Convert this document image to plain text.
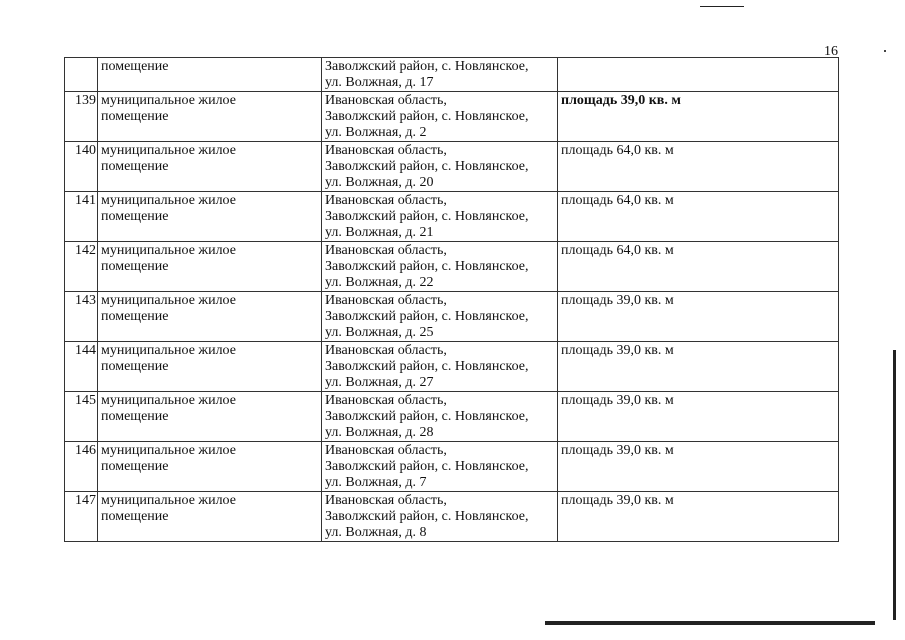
16

	помещение	Заволжский район, с. Новлянское,
ул. Волжная, д. 17	

139	муниципальное жилое
помещение	Ивановская область,
Заволжский район, с. Новлянское,
ул. Волжная, д. 2	площадь 39,0 кв. м
140	муниципальное жилое
помещение	Ивановская область,
Заволжский район, с. Новлянское,
ул. Волжная, д. 20	площадь 64,0 кв. м
141	муниципальное жилое
помещение	Ивановская область,
Заволжский район, с. Новлянское,
ул. Волжная, д. 21	площадь 64,0 кв. м
142	муниципальное жилое
помещение	Ивановская область,
Заволжский район, с. Новлянское,
ул. Волжная, д. 22	площадь 64,0 кв. м
143	муниципальное жилое
помещение	Ивановская область,
Заволжский район, с. Новлянское,
ул. Волжная, д. 25	площадь 39,0 кв. м
144	муниципальное жилое
помещение	Ивановская область,
Заволжский район, с. Новлянское,
ул. Волжная, д. 27	площадь 39,0 кв. м
145	муниципальное жилое
помещение	Ивановская область,
Заволжский район, с. Новлянское,
ул. Волжная, д. 28	площадь 39,0 кв. м
146	муниципальное жилое
помещение	Ивановская область,
Заволжский район, с. Новлянское,
ул. Волжная, д. 7	площадь 39,0 кв. м
147	муниципальное жилое
помещение	Ивановская область,
Заволжский район, с. Новлянское,
ул. Волжная, д. 8	площадь 39,0 кв. м
